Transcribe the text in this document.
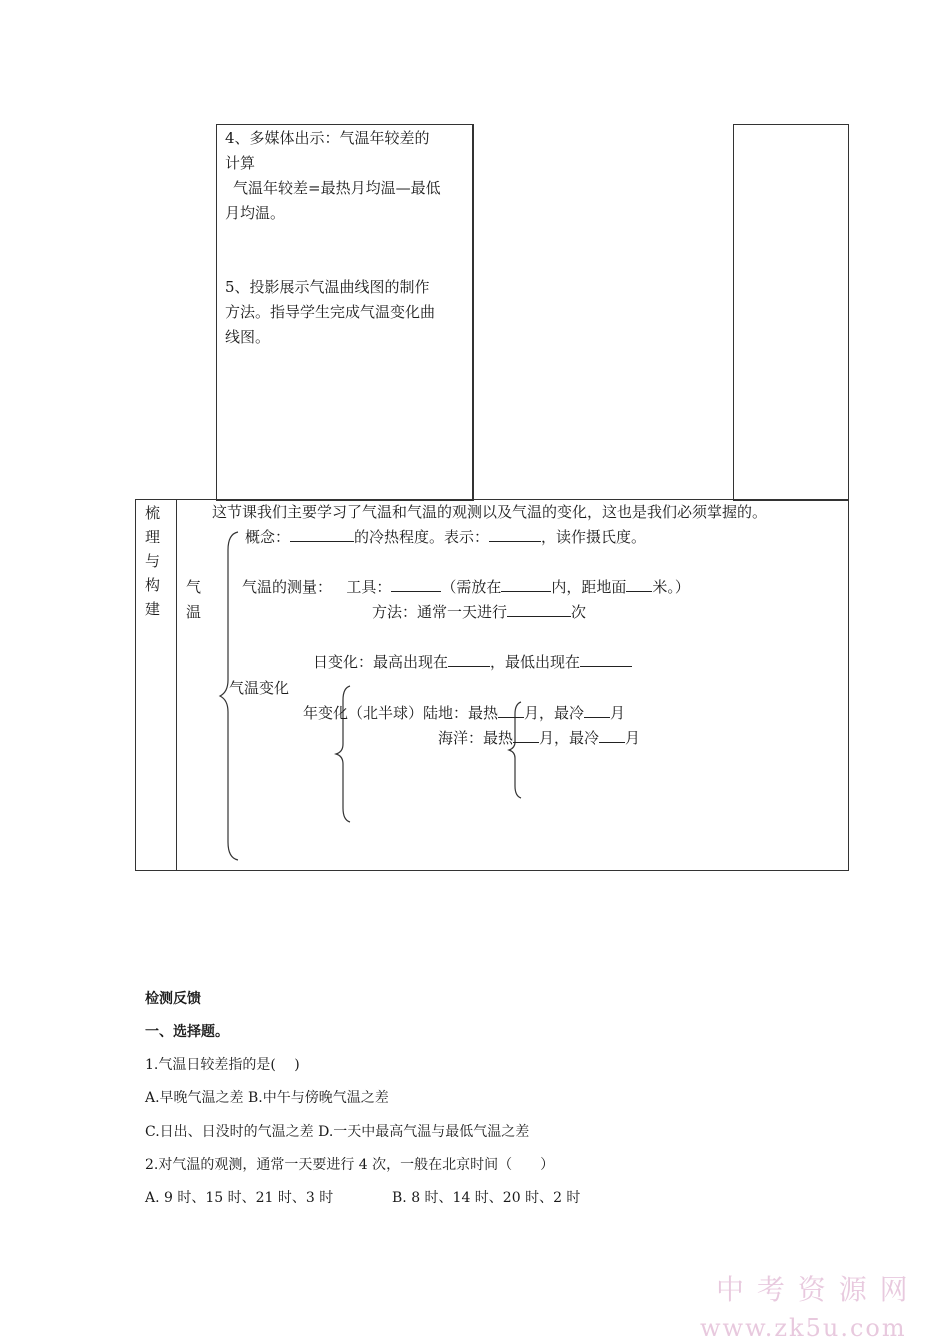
4、多媒体出示：气温年较差的
计算
气温年较差=最热月均温—最低
月均温。
5、投影展示气温曲线图的制作
方法。指导学生完成气温变化曲
线图。
梳
理
与
构
建
气
温
这节课我们主要学习了气温和气温的观测以及气温的变化，这也是我们必须掌握的。
概念：	的冷热程度。表示：	，读作摄氏度。
气温的测量： 工具：	（需放在	内，距地面 米。）
方法：通常一天进行	次
日变化：最高出现在	，最低出现在
气温变化
年变化（北半球）陆地：最热 月，最冷 月
海洋：最热 月，最冷 月
检测反馈
一、选择题。
1.气温日较差指的是(　 )
A.早晚气温之差 B.中午与傍晚气温之差
C.日出、日没时的气温之差 D.一天中最高气温与最低气温之差
2.对气温的观测，通常一天要进行 4 次，一般在北京时间（　　）
A. 9 时、15 时、21 时、3 时	B. 8 时、14 时、20 时、2 时
中 考 资 源 网
www.zk5u.com
